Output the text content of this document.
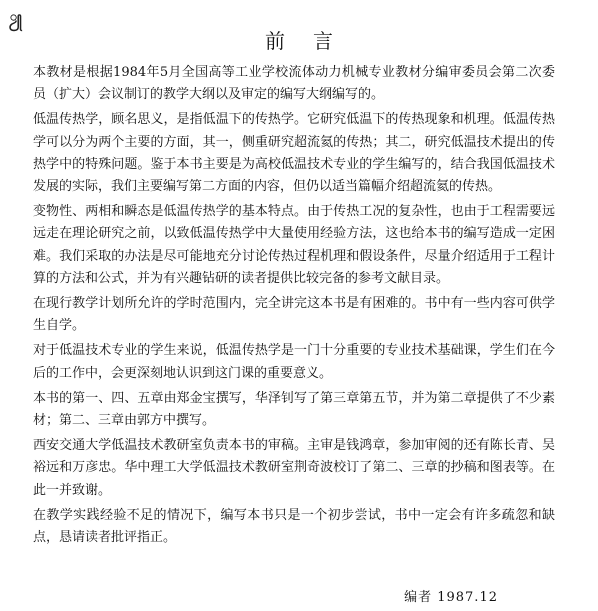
ꦾ
前言

本教材是根据1984年5月全国高等工业学校流体动力机械专业教材分编审委员会第二次委员（扩大）会议制订的教学大纲以及审定的编写大纲编写的。

低温传热学，顾名思义，是指低温下的传热学。它研究低温下的传热现象和机理。低温传热学可以分为两个主要的方面，其一，侧重研究超流氦的传热；其二，研究低温技术提出的传热学中的特殊问题。鉴于本书主要是为高校低温技术专业的学生编写的，结合我国低温技术发展的实际，我们主要编写第二方面的内容，但仍以适当篇幅介绍超流氦的传热。

变物性、两相和瞬态是低温传热学的基本特点。由于传热工况的复杂性，也由于工程需要远远走在理论研究之前，以致低温传热学中大量使用经验方法，这也给本书的编写造成一定困难。我们采取的办法是尽可能地充分讨论传热过程机理和假设条件，尽量介绍适用于工程计算的方法和公式，并为有兴趣钻研的读者提供比较完备的参考文献目录。

在现行教学计划所允许的学时范围内，完全讲完这本书是有困难的。书中有一些内容可供学生自学。

对于低温技术专业的学生来说，低温传热学是一门十分重要的专业技术基础课，学生们在今后的工作中，会更深刻地认识到这门课的重要意义。

本书的第一、四、五章由郑金宝撰写，华泽钊写了第三章第五节，并为第二章提供了不少素材；第二、三章由郭方中撰写。

西安交通大学低温技术教研室负责本书的审稿。主审是钱鸿章，参加审阅的还有陈长青、吴裕远和万彦忠。华中理工大学低温技术教研室荆奇波校订了第二、三章的抄稿和图表等。在此一并致谢。

在教学实践经验不足的情况下，编写本书只是一个初步尝试，书中一定会有许多疏忽和缺点，恳请读者批评指正。

编者 1987.12
